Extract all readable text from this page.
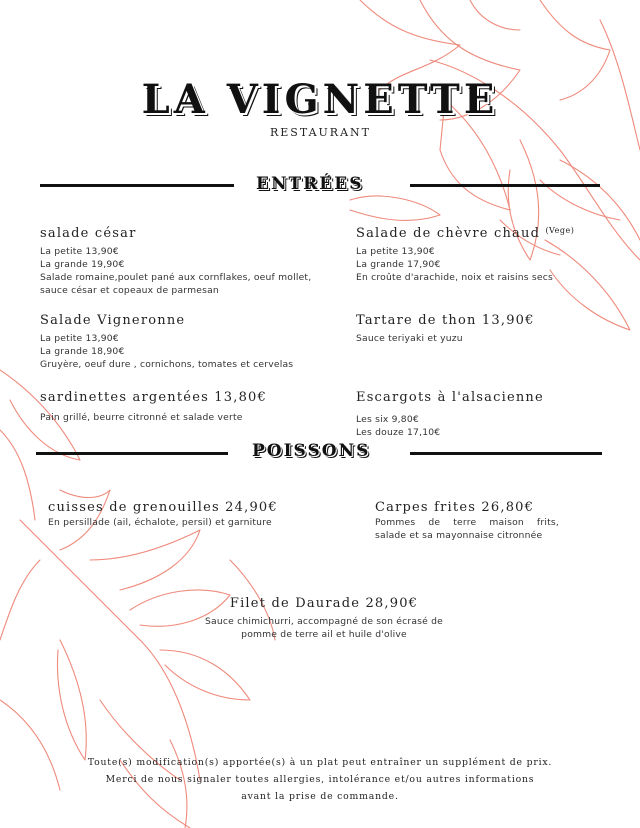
LA VIGNETTE
RESTAURANT
ENTRÉES
salade césar
La petite 13,90€
La grande 19,90€
Salade romaine,poulet pané aux cornflakes, oeuf mollet,
sauce césar et copeaux de parmesan
Salade de chèvre chaud $^{(Vege)}$
La petite 13,90€
La grande 17,90€
En croûte d'arachide, noix et raisins secs
Salade Vigneronne
La petite 13,90€
La grande 18,90€
Gruyère, oeuf dure , cornichons, tomates et cervelas
Tartare de thon 13,90€
Sauce teriyaki et yuzu
sardinettes argentées 13,80€
Pain grillé, beurre citronné et salade verte
Escargots à l'alsacienne
Les six 9,80€
Les douze 17,10€
POISSONS
cuisses de grenouilles 24,90€
En persillade (ail, échalote, persil) et garniture
Carpes frites 26,80€
Pommes de terre maison frits,
salade et sa mayonnaise citronnée
Filet de Daurade 28,90€
Sauce chimichurri, accompagné de son écrasé de
pomme de terre ail et huile d'olive
Toute(s) modification(s) apportée(s) à un plat peut entraîner un supplément de prix.
Merci de nous signaler toutes allergies, intolérance et/ou autres informations
avant la prise de commande.
